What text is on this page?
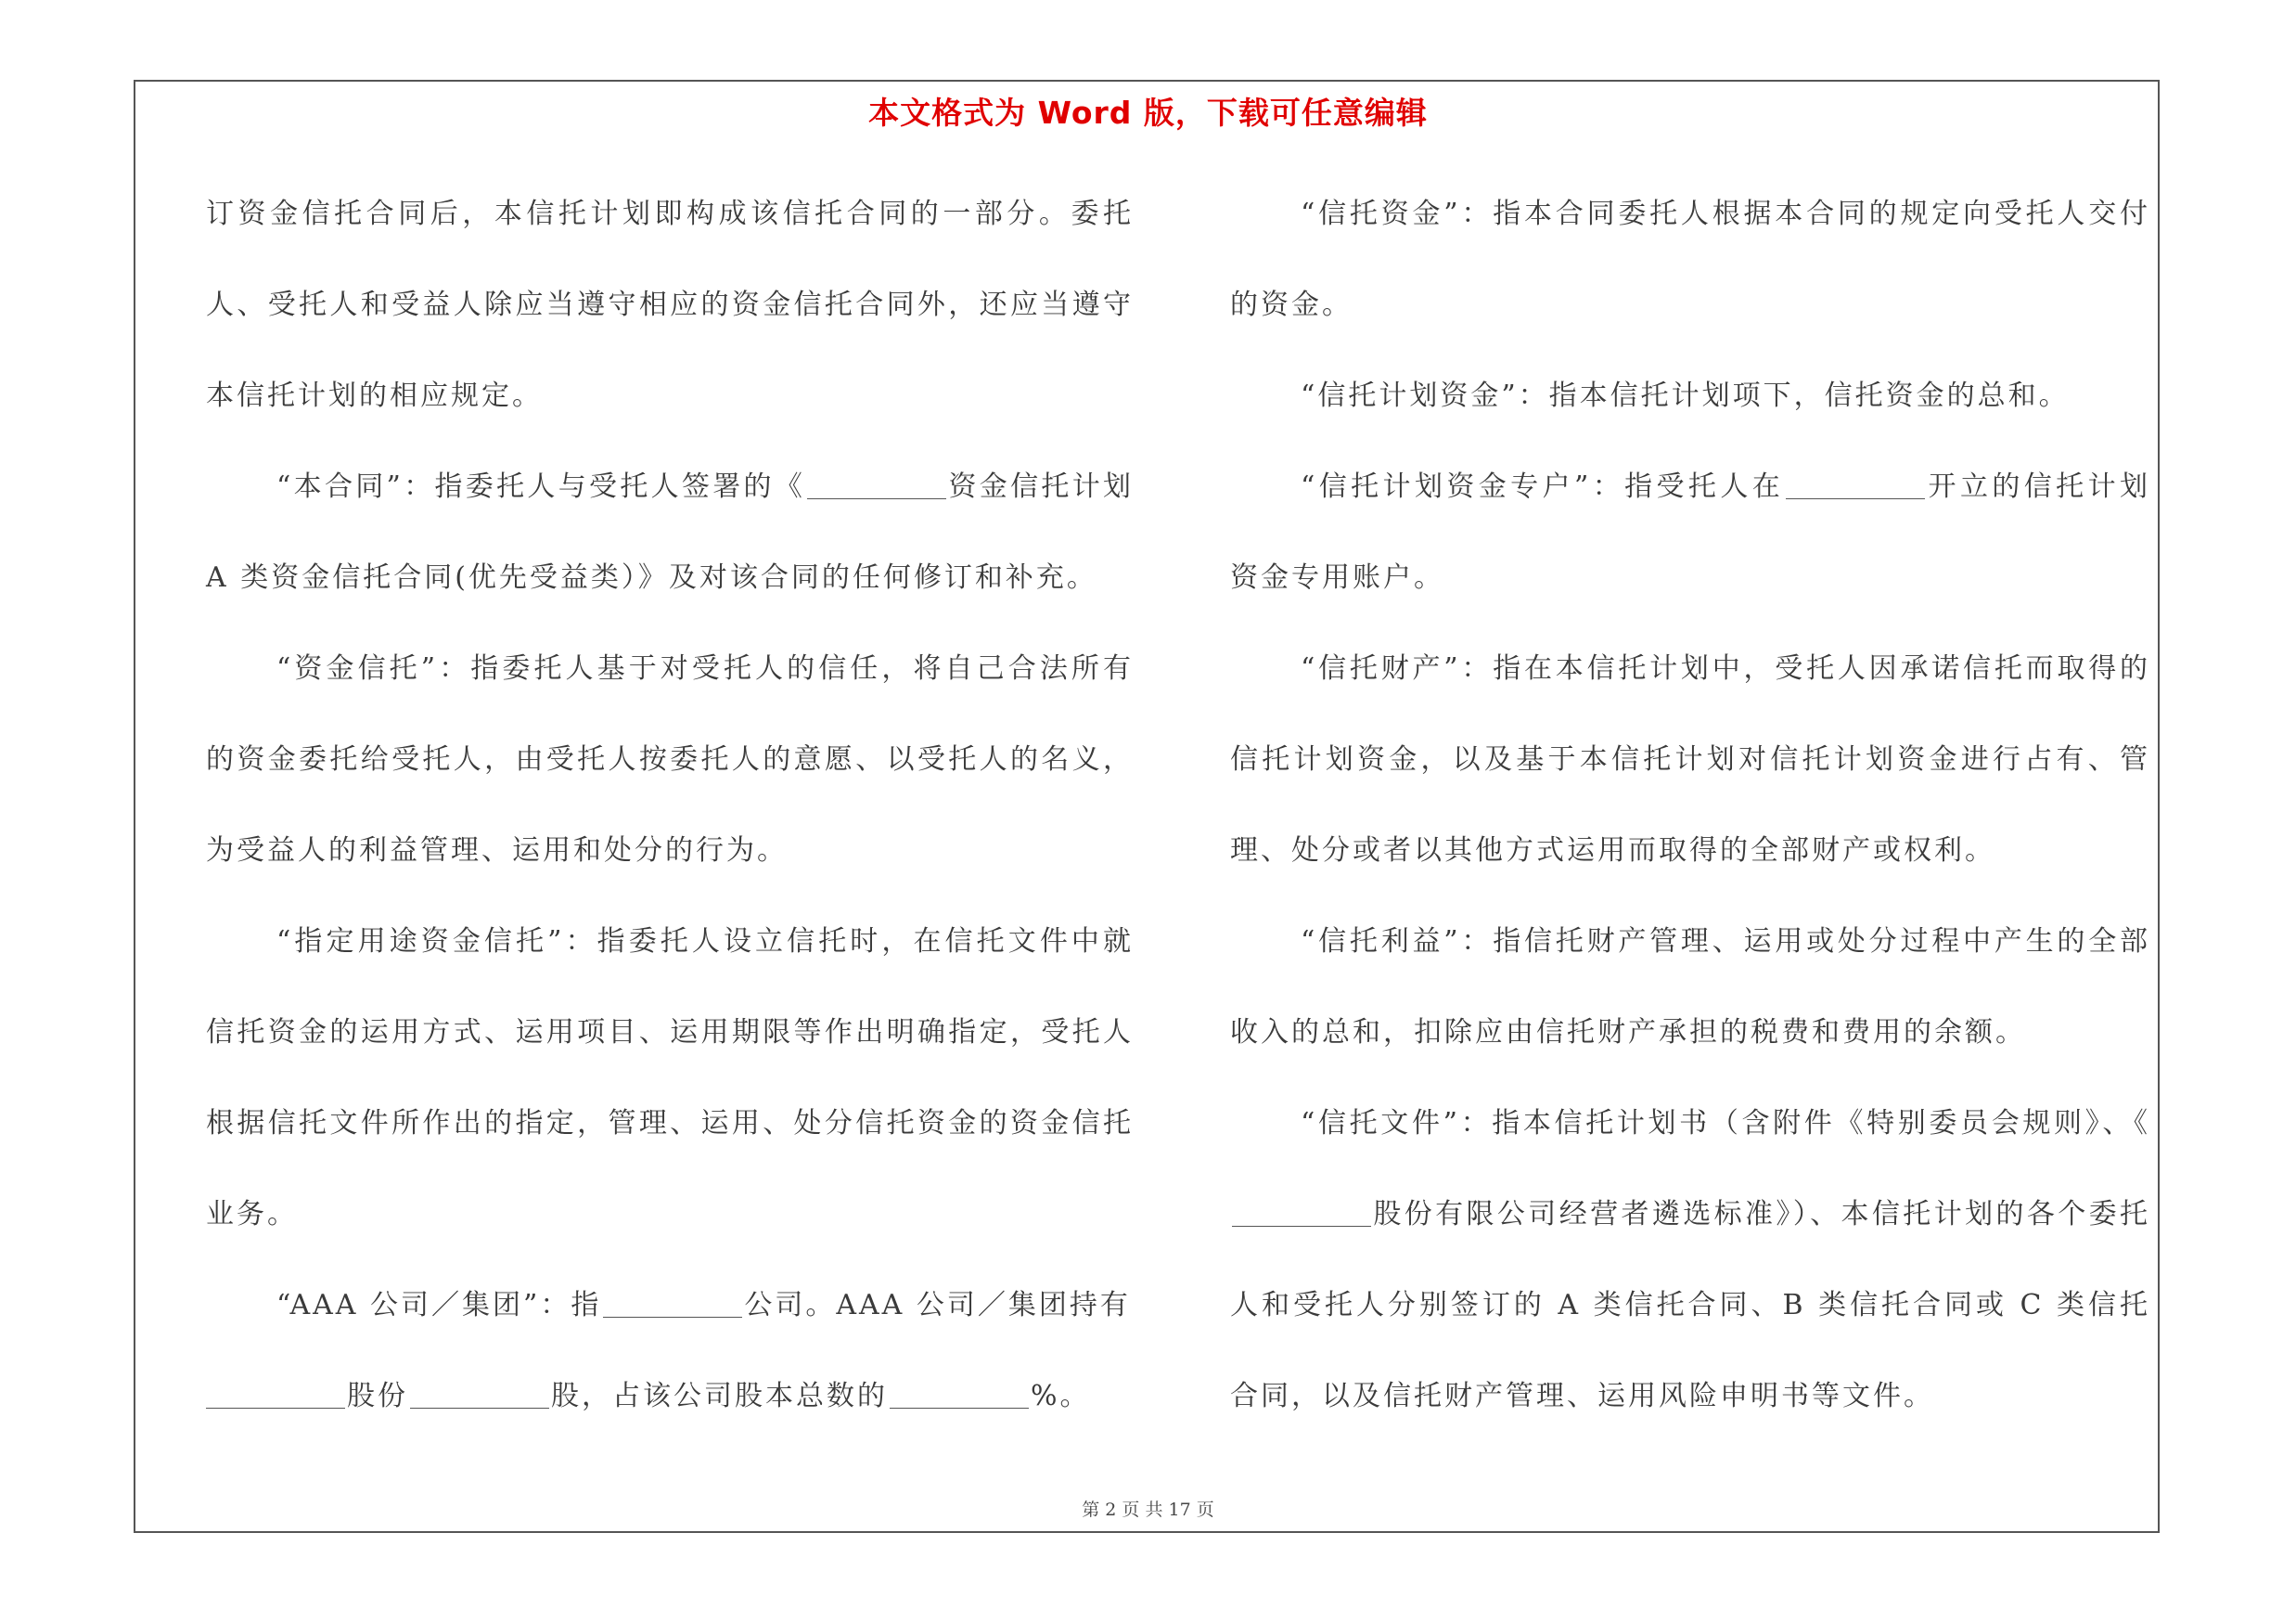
本文格式为 Word 版，下载可任意编辑

订资金信托合同后，本信托计划即构成该信托合同的一部分。委托人、受托人和受益人除应当遵守相应的资金信托合同外，还应当遵守本信托计划的相应规定。

“本合同”：指委托人与受托人签署的《	资金信托计划 A 类资金信托合同(优先受益类）》及对该合同的任何修订和补充。

“资金信托”：指委托人基于对受托人的信任，将自己合法所有的资金委托给受托人，由受托人按委托人的意愿、以受托人的名义，为受益人的利益管理、运用和处分的行为。

“指定用途资金信托”：指委托人设立信托时，在信托文件中就信托资金的运用方式、运用项目、运用期限等作出明确指定，受托人根据信托文件所作出的指定，管理、运用、处分信托资金的资金信托业务。

“AAA 公司／集团”：指	公司。AAA 公司／集团持有
股份	股，占该公司股本总数的	%。

“信托资金”：指本合同委托人根据本合同的规定向受托人交付的资金。

“信托计划资金”：指本信托计划项下，信托资金的总和。

“信托计划资金专户”：指受托人在	开立的信托计划资金专用账户。

“信托财产”：指在本信托计划中，受托人因承诺信托而取得的信托计划资金，以及基于本信托计划对信托计划资金进行占有、管理、处分或者以其他方式运用而取得的全部财产或权利。

“信托利益”：指信托财产管理、运用或处分过程中产生的全部收入的总和，扣除应由信托财产承担的税费和费用的余额。

“信托文件”：指本信托计划书（含附件《特别委员会规则》、《股份有限公司经营者遴选标准》）、本信托计划的各个委托人和受托人分别签订的 A 类信托合同、B 类信托合同或 C 类信托合同，以及信托财产管理、运用风险申明书等文件。

第 2 页 共 17 页
